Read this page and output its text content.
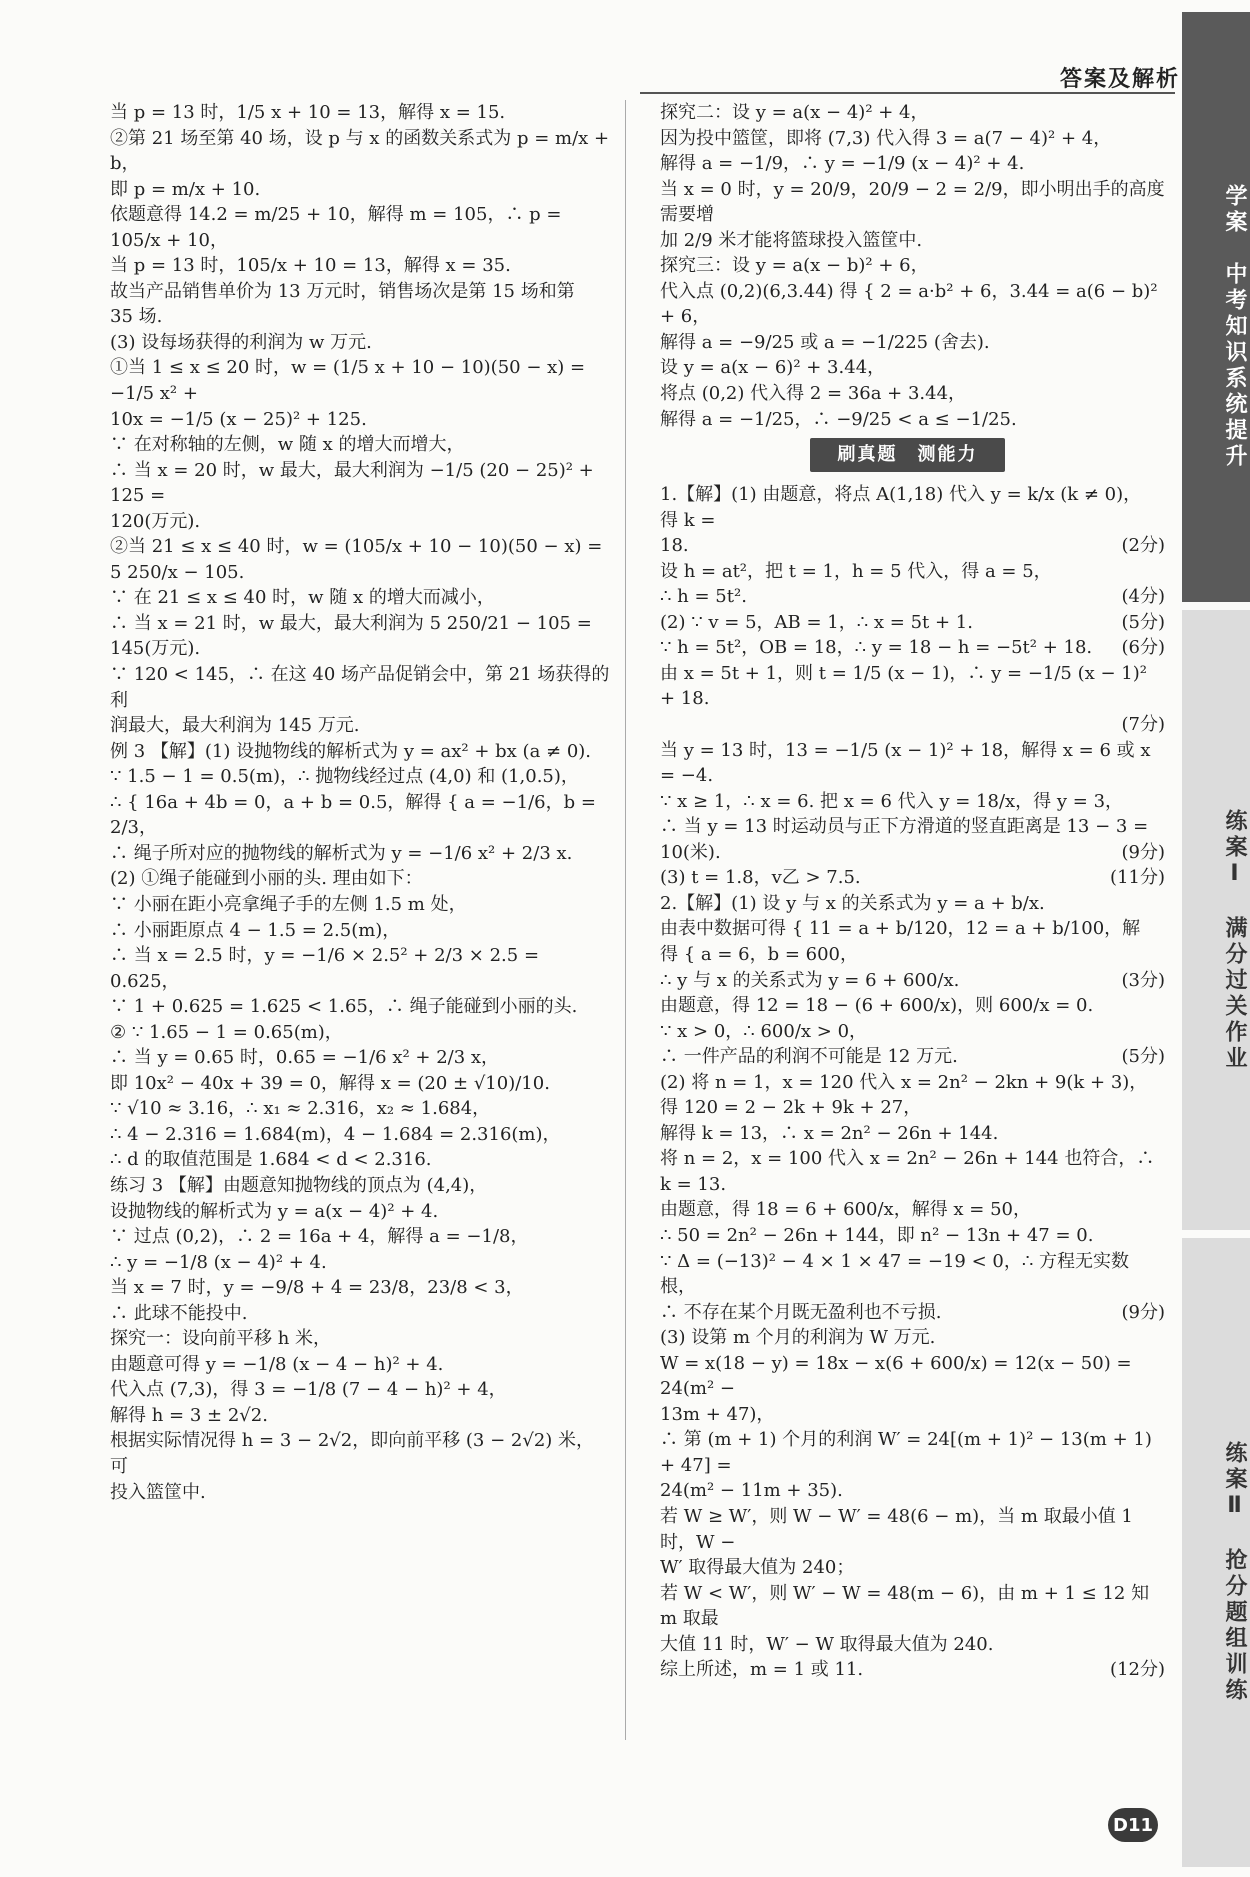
答案及解析
当 p = 13 时，1/5 x + 10 = 13，解得 x = 15.
②第 21 场至第 40 场，设 p 与 x 的函数关系式为 p = m/x + b，
即 p = m/x + 10.
依题意得 14.2 = m/25 + 10，解得 m = 105，∴ p = 105/x + 10，
当 p = 13 时，105/x + 10 = 13，解得 x = 35.
故当产品销售单价为 13 万元时，销售场次是第 15 场和第
35 场.
(3) 设每场获得的利润为 w 万元.
①当 1 ≤ x ≤ 20 时，w = (1/5 x + 10 − 10)(50 − x) = −1/5 x² +
10x = −1/5 (x − 25)² + 125.
∵ 在对称轴的左侧，w 随 x 的增大而增大，
∴ 当 x = 20 时，w 最大，最大利润为 −1/5 (20 − 25)² + 125 =
120(万元).
②当 21 ≤ x ≤ 40 时，w = (105/x + 10 − 10)(50 − x) =
5 250/x − 105.
∵ 在 21 ≤ x ≤ 40 时，w 随 x 的增大而减小，
∴ 当 x = 21 时，w 最大，最大利润为 5 250/21 − 105 = 145(万元).
∵ 120 < 145，∴ 在这 40 场产品促销会中，第 21 场获得的利
润最大，最大利润为 145 万元.
例 3 【解】(1) 设抛物线的解析式为 y = ax² + bx (a ≠ 0).
∵ 1.5 − 1 = 0.5(m)，∴ 抛物线经过点 (4,0) 和 (1,0.5)，
∴ { 16a + 4b = 0，a + b = 0.5，解得 { a = −1/6，b = 2/3，
∴ 绳子所对应的抛物线的解析式为 y = −1/6 x² + 2/3 x.
(2) ①绳子能碰到小丽的头. 理由如下：
∵ 小丽在距小亮拿绳子手的左侧 1.5 m 处，
∴ 小丽距原点 4 − 1.5 = 2.5(m)，
∴ 当 x = 2.5 时，y = −1/6 × 2.5² + 2/3 × 2.5 = 0.625，
∵ 1 + 0.625 = 1.625 < 1.65，∴ 绳子能碰到小丽的头.
② ∵ 1.65 − 1 = 0.65(m)，
∴ 当 y = 0.65 时，0.65 = −1/6 x² + 2/3 x，
即 10x² − 40x + 39 = 0，解得 x = (20 ± √10)/10.
∵ √10 ≈ 3.16，∴ x₁ ≈ 2.316，x₂ ≈ 1.684，
∴ 4 − 2.316 = 1.684(m)，4 − 1.684 = 2.316(m)，
∴ d 的取值范围是 1.684 < d < 2.316.
练习 3 【解】由题意知抛物线的顶点为 (4,4)，
设抛物线的解析式为 y = a(x − 4)² + 4.
∵ 过点 (0,2)，∴ 2 = 16a + 4，解得 a = −1/8，
∴ y = −1/8 (x − 4)² + 4.
当 x = 7 时，y = −9/8 + 4 = 23/8，23/8 < 3，
∴ 此球不能投中.
探究一：设向前平移 h 米，
由题意可得 y = −1/8 (x − 4 − h)² + 4.
代入点 (7,3)，得 3 = −1/8 (7 − 4 − h)² + 4，
解得 h = 3 ± 2√2.
根据实际情况得 h = 3 − 2√2，即向前平移 (3 − 2√2) 米，可
投入篮筐中.
探究二：设 y = a(x − 4)² + 4，
因为投中篮筐，即将 (7,3) 代入得 3 = a(7 − 4)² + 4，
解得 a = −1/9，∴ y = −1/9 (x − 4)² + 4.
当 x = 0 时，y = 20/9，20/9 − 2 = 2/9，即小明出手的高度需要增
加 2/9 米才能将篮球投入篮筐中.
探究三：设 y = a(x − b)² + 6，
代入点 (0,2)(6,3.44) 得 { 2 = a·b² + 6，3.44 = a(6 − b)² + 6，
解得 a = −9/25 或 a = −1/225 (舍去).
设 y = a(x − 6)² + 3.44，
将点 (0,2) 代入得 2 = 36a + 3.44，
解得 a = −1/25，∴ −9/25 < a ≤ −1/25.
刷真题　测能力
1.【解】(1) 由题意，将点 A(1,18) 代入 y = k/x (k ≠ 0)，得 k =
18.	(2分)
设 h = at²，把 t = 1，h = 5 代入，得 a = 5，
∴ h = 5t².	(4分)
(2) ∵ v = 5，AB = 1，∴ x = 5t + 1.	(5分)
∵ h = 5t²，OB = 18，∴ y = 18 − h = −5t² + 18.	(6分)
由 x = 5t + 1，则 t = 1/5 (x − 1)，∴ y = −1/5 (x − 1)² + 18.
(7分)
当 y = 13 时，13 = −1/5 (x − 1)² + 18，解得 x = 6 或 x = −4.
∵ x ≥ 1，∴ x = 6. 把 x = 6 代入 y = 18/x，得 y = 3，
∴ 当 y = 13 时运动员与正下方滑道的竖直距离是 13 − 3 =
10(米).	(9分)
(3) t = 1.8，v乙 > 7.5.	(11分)
2.【解】(1) 设 y 与 x 的关系式为 y = a + b/x.
由表中数据可得 { 11 = a + b/120，12 = a + b/100，解得 { a = 6，b = 600，
∴ y 与 x 的关系式为 y = 6 + 600/x.	(3分)
由题意，得 12 = 18 − (6 + 600/x)，则 600/x = 0.
∵ x > 0，∴ 600/x > 0，
∴ 一件产品的利润不可能是 12 万元.	(5分)
(2) 将 n = 1，x = 120 代入 x = 2n² − 2kn + 9(k + 3)，
得 120 = 2 − 2k + 9k + 27，
解得 k = 13，∴ x = 2n² − 26n + 144.
将 n = 2，x = 100 代入 x = 2n² − 26n + 144 也符合，∴ k = 13.
由题意，得 18 = 6 + 600/x，解得 x = 50，
∴ 50 = 2n² − 26n + 144，即 n² − 13n + 47 = 0.
∵ Δ = (−13)² − 4 × 1 × 47 = −19 < 0，∴ 方程无实数根，
∴ 不存在某个月既无盈利也不亏损.	(9分)
(3) 设第 m 个月的利润为 W 万元.
W = x(18 − y) = 18x − x(6 + 600/x) = 12(x − 50) = 24(m² −
13m + 47)，
∴ 第 (m + 1) 个月的利润 W′ = 24[(m + 1)² − 13(m + 1) + 47] =
24(m² − 11m + 35).
若 W ≥ W′，则 W − W′ = 48(6 − m)，当 m 取最小值 1 时，W −
W′ 取得最大值为 240；
若 W < W′，则 W′ − W = 48(m − 6)，由 m + 1 ≤ 12 知 m 取最
大值 11 时，W′ − W 取得最大值为 240.
综上所述，m = 1 或 11.	(12分)
学案　中考知识系统提升
练案Ⅰ　满分过关作业
练案Ⅱ　抢分题组训练
D11
